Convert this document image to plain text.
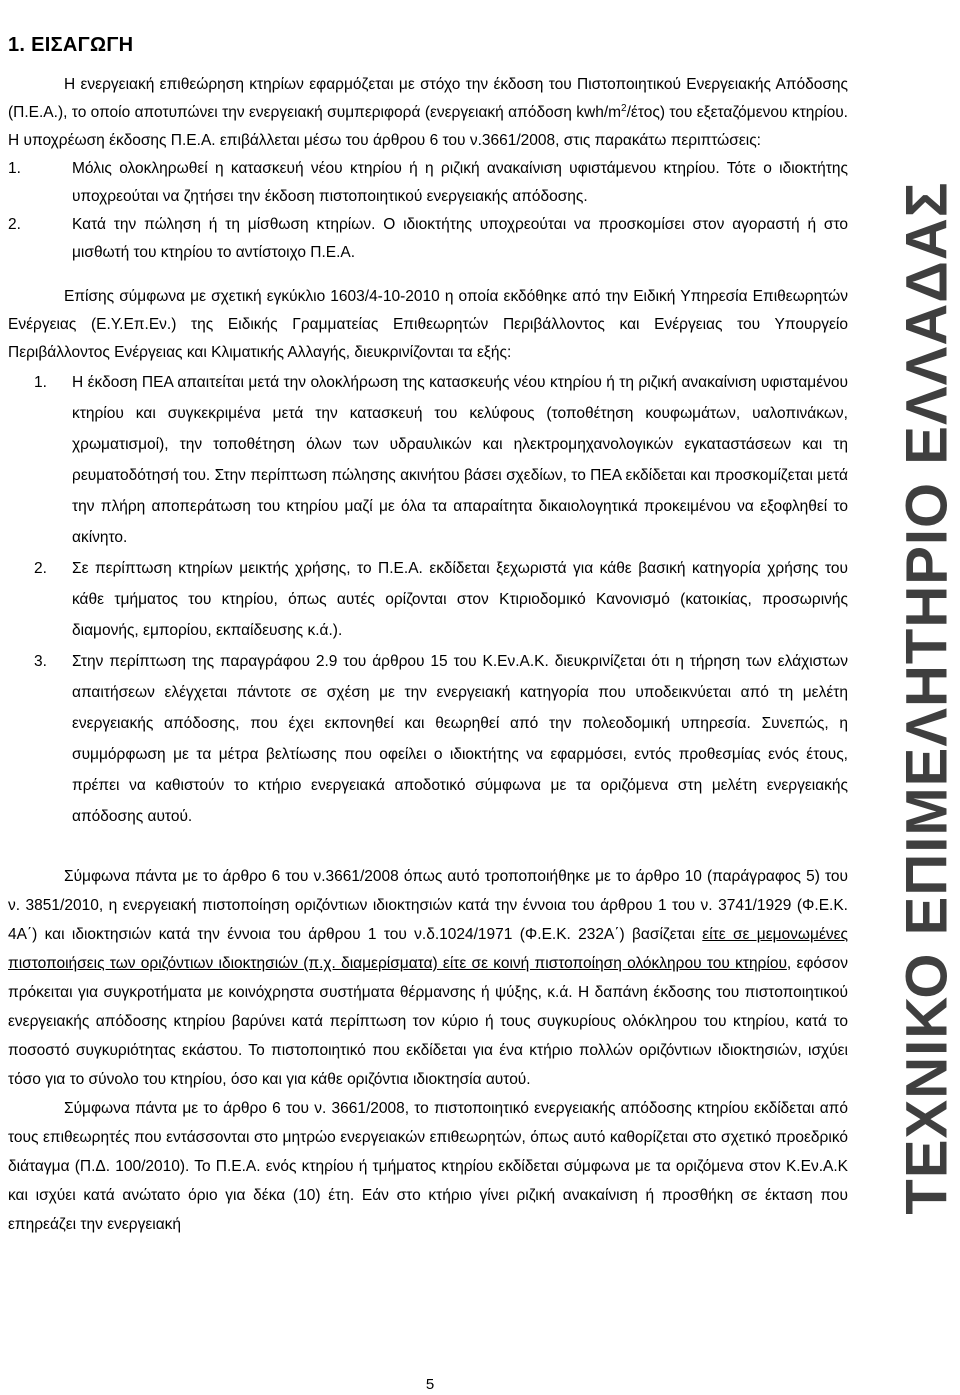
1. ΕΙΣΑΓΩΓΗ

Η ενεργειακή επιθεώρηση κτηρίων εφαρμόζεται με στόχο την έκδοση του Πιστοποιητικού Ενεργειακής Απόδοσης (Π.Ε.Α.), το οποίο αποτυπώνει την ενεργειακή συμπεριφορά (ενεργειακή απόδοση kwh/$m^2/έ\tau o\varsigma$) του εξεταζόμενου κτηρίου. Η υποχρέωση έκδοσης Π.Ε.Α. επιβάλλεται μέσω του άρθρου 6 του ν.3661/2008, στις παρακάτω περιπτώσεις:

1.	Μόλις ολοκληρωθεί η κατασκευή νέου κτηρίου ή η ριζική ανακαίνιση υφιστάμενου κτηρίου. Τότε ο ιδιοκτήτης υποχρεούται να ζητήσει την έκδοση πιστοποιητικού ενεργειακής απόδοσης.
2.	Κατά την πώληση ή τη μίσθωση κτηρίων. Ο ιδιοκτήτης υποχρεούται να προσκομίσει στον αγοραστή ή στο μισθωτή του κτηρίου το αντίστοιχο Π.Ε.Α.

Επίσης σύμφωνα με σχετική εγκύκλιο 1603/4-10-2010 η οποία εκδόθηκε από την Ειδική Υπηρεσία Επιθεωρητών Ενέργειας (Ε.Υ.Επ.Εν.) της Ειδικής Γραμματείας Επιθεωρητών Περιβάλλοντος και Ενέργειας του Υπουργείο Περιβάλλοντος Ενέργειας και Κλιματικής Αλλαγής, διευκρινίζονται τα εξής:

1. Η έκδοση ΠΕΑ απαιτείται μετά την ολοκλήρωση της κατασκευής νέου κτηρίου ή τη ριζική ανακαίνιση υφισταμένου κτηρίου και συγκεκριμένα μετά την κατασκευή του κελύφους (τοποθέτηση κουφωμάτων, υαλοπινάκων, χρωματισμοί), την τοποθέτηση όλων των υδραυλικών και ηλεκτρομηχανολογικών εγκαταστάσεων και τη ρευματοδότησή του. Στην περίπτωση πώλησης ακινήτου βάσει σχεδίων, το ΠΕΑ εκδίδεται και προσκομίζεται μετά την πλήρη αποπεράτωση του κτηρίου μαζί με όλα τα απαραίτητα δικαιολογητικά προκειμένου να εξοφληθεί το ακίνητο.
2. Σε περίπτωση κτηρίων μεικτής χρήσης, το Π.Ε.Α. εκδίδεται ξεχωριστά για κάθε βασική κατηγορία χρήσης του κάθε τμήματος του κτηρίου, όπως αυτές ορίζονται στον Κτιριοδομικό Κανονισμό (κατοικίας, προσωρινής διαμονής, εμπορίου, εκπαίδευσης κ.ά.).
3. Στην περίπτωση της παραγράφου 2.9 του άρθρου 15 του Κ.Εν.Α.Κ. διευκρινίζεται ότι η τήρηση των ελάχιστων απαιτήσεων ελέγχεται πάντοτε σε σχέση με την ενεργειακή κατηγορία που υποδεικνύεται από τη μελέτη ενεργειακής απόδοσης, που έχει εκπονηθεί και θεωρηθεί από την πολεοδομική υπηρεσία. Συνεπώς, η συμμόρφωση με τα μέτρα βελτίωσης που οφείλει ο ιδιοκτήτης να εφαρμόσει, εντός προθεσμίας ενός έτους, πρέπει να καθιστούν το κτήριο ενεργειακά αποδοτικό σύμφωνα με τα οριζόμενα στη μελέτη ενεργειακής απόδοσης αυτού.

Σύμφωνα πάντα με το άρθρο 6 του ν.3661/2008 όπως αυτό τροποποιήθηκε με το άρθρο 10 (παράγραφος 5) του ν. 3851/2010, η ενεργειακή πιστοποίηση οριζόντιων ιδιοκτησιών κατά την έννοια του άρθρου 1 του ν. 3741/1929 (Φ.Ε.Κ. 4Α΄) και ιδιοκτησιών κατά την έννοια του άρθρου 1 του ν.δ.1024/1971 (Φ.Ε.Κ. 232Α΄) βασίζεται είτε σε μεμονωμένες πιστοποιήσεις των οριζόντιων ιδιοκτησιών (π.χ. διαμερίσματα) είτε σε κοινή πιστοποίηση ολόκληρου του κτηρίου, εφόσον πρόκειται για συγκροτήματα με κοινόχρηστα συστήματα θέρμανσης ή ψύξης, κ.ά. Η δαπάνη έκδοσης του πιστοποιητικού ενεργειακής απόδοσης κτηρίου βαρύνει κατά περίπτωση τον κύριο ή τους συγκυρίους ολόκληρου του κτηρίου, κατά το ποσοστό συγκυριότητας εκάστου. Το πιστοποιητικό που εκδίδεται για ένα κτήριο πολλών οριζόντιων ιδιοκτησιών, ισχύει τόσο για το σύνολο του κτηρίου, όσο και για κάθε οριζόντια ιδιοκτησία αυτού.

Σύμφωνα πάντα με το άρθρο 6 του ν. 3661/2008, το πιστοποιητικό ενεργειακής απόδοσης κτηρίου εκδίδεται από τους επιθεωρητές που εντάσσονται στο μητρώο ενεργειακών επιθεωρητών, όπως αυτό καθορίζεται στο σχετικό προεδρικό διάταγμα (Π.Δ. 100/2010). Το Π.Ε.Α. ενός κτηρίου ή τμήματος κτηρίου εκδίδεται σύμφωνα με τα οριζόμενα στον Κ.Εν.Α.Κ και ισχύει κατά ανώτατο όριο για δέκα (10) έτη. Εάν στο κτήριο γίνει ριζική ανακαίνιση ή προσθήκη σε έκταση που επηρεάζει την ενεργειακή

ΤΕΧΝΙΚΟ ΕΠΙΜΕΛΗΤΗΡΙΟ ΕΛΛΑΔΑΣ
5
